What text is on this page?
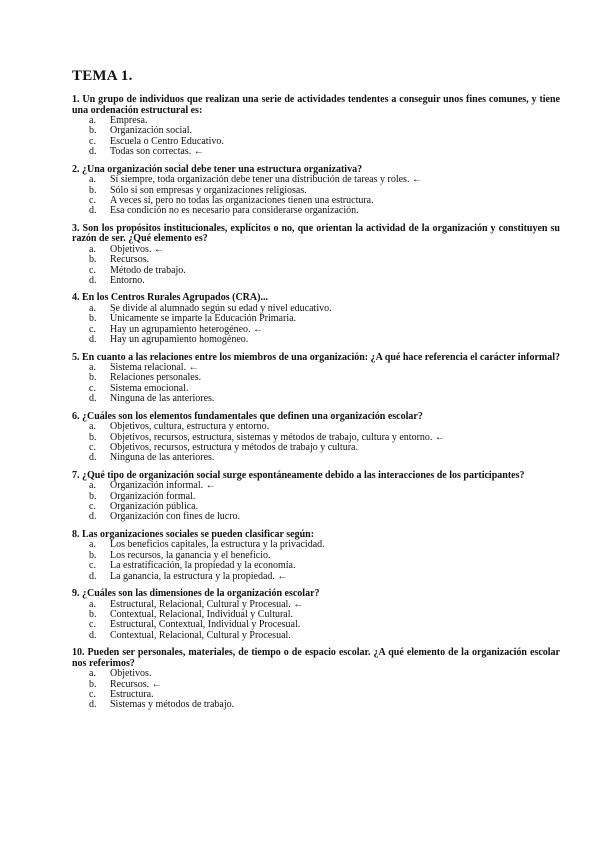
TEMA 1.

1. Un grupo de individuos que realizan una serie de actividades tendentes a conseguir unos fines comunes, y tiene una ordenación estructural es:

a.	Empresa.
b.	Organización social.
c.	Escuela o Centro Educativo.
d.	Todas son correctas. ←

2. ¿Una organización social debe tener una estructura organizativa?

a.	Sí siempre, toda organización debe tener una distribución de tareas y roles. ←
b.	Sólo si son empresas y organizaciones religiosas.
c.	A veces sí, pero no todas las organizaciones tienen una estructura.
d.	Esa condición no es necesario para considerarse organización.

3. Son los propósitos institucionales, explícitos o no, que orientan la actividad de la organización y constituyen su razón de ser. ¿Qué elemento es?

a.	Objetivos. ←
b.	Recursos.
c.	Método de trabajo.
d.	Entorno.

4. En los Centros Rurales Agrupados (CRA)...

a.	Se divide al alumnado según su edad y nivel educativo.
b.	Únicamente se imparte la Educación Primaria.
c.	Hay un agrupamiento heterogéneo. ←
d.	Hay un agrupamiento homogéneo.

5. En cuanto a las relaciones entre los miembros de una organización: ¿A qué hace referencia el carácter informal?

a.	Sistema relacional. ←
b.	Relaciones personales.
c.	Sistema emocional.
d.	Ninguna de las anteriores.

6. ¿Cuáles son los elementos fundamentales que definen una organización escolar?

a.	Objetivos, cultura, estructura y entorno.
b.	Objetivos, recursos, estructura, sistemas y métodos de trabajo, cultura y entorno. ←
c.	Objetivos, recursos, estructura y métodos de trabajo y cultura.
d.	Ninguna de las anteriores.

7. ¿Qué tipo de organización social surge espontáneamente debido a las interacciones de los participantes?

a.	Organización informal. ←
b.	Organización formal.
c.	Organización pública.
d.	Organización con fines de lucro.

8. Las organizaciones sociales se pueden clasificar según:

a.	Los beneficios capitales, la estructura y la privacidad.
b.	Los recursos, la ganancia y el beneficio.
c.	La estratificación, la propiedad y la economía.
d.	La ganancia, la estructura y la propiedad. ←

9. ¿Cuáles son las dimensiones de la organización escolar?

a.	Estructural, Relacional, Cultural y Procesual. ←
b.	Contextual, Relacional, Individual y Cultural.
c.	Estructural, Contextual, Individual y Procesual.
d.	Contextual, Relacional, Cultural y Procesual.

10. Pueden ser personales, materiales, de tiempo o de espacio escolar. ¿A qué elemento de la organización escolar nos referimos?

a.	Objetivos.
b.	Recursos. ←
c.	Estructura.
d.	Sistemas y métodos de trabajo.
